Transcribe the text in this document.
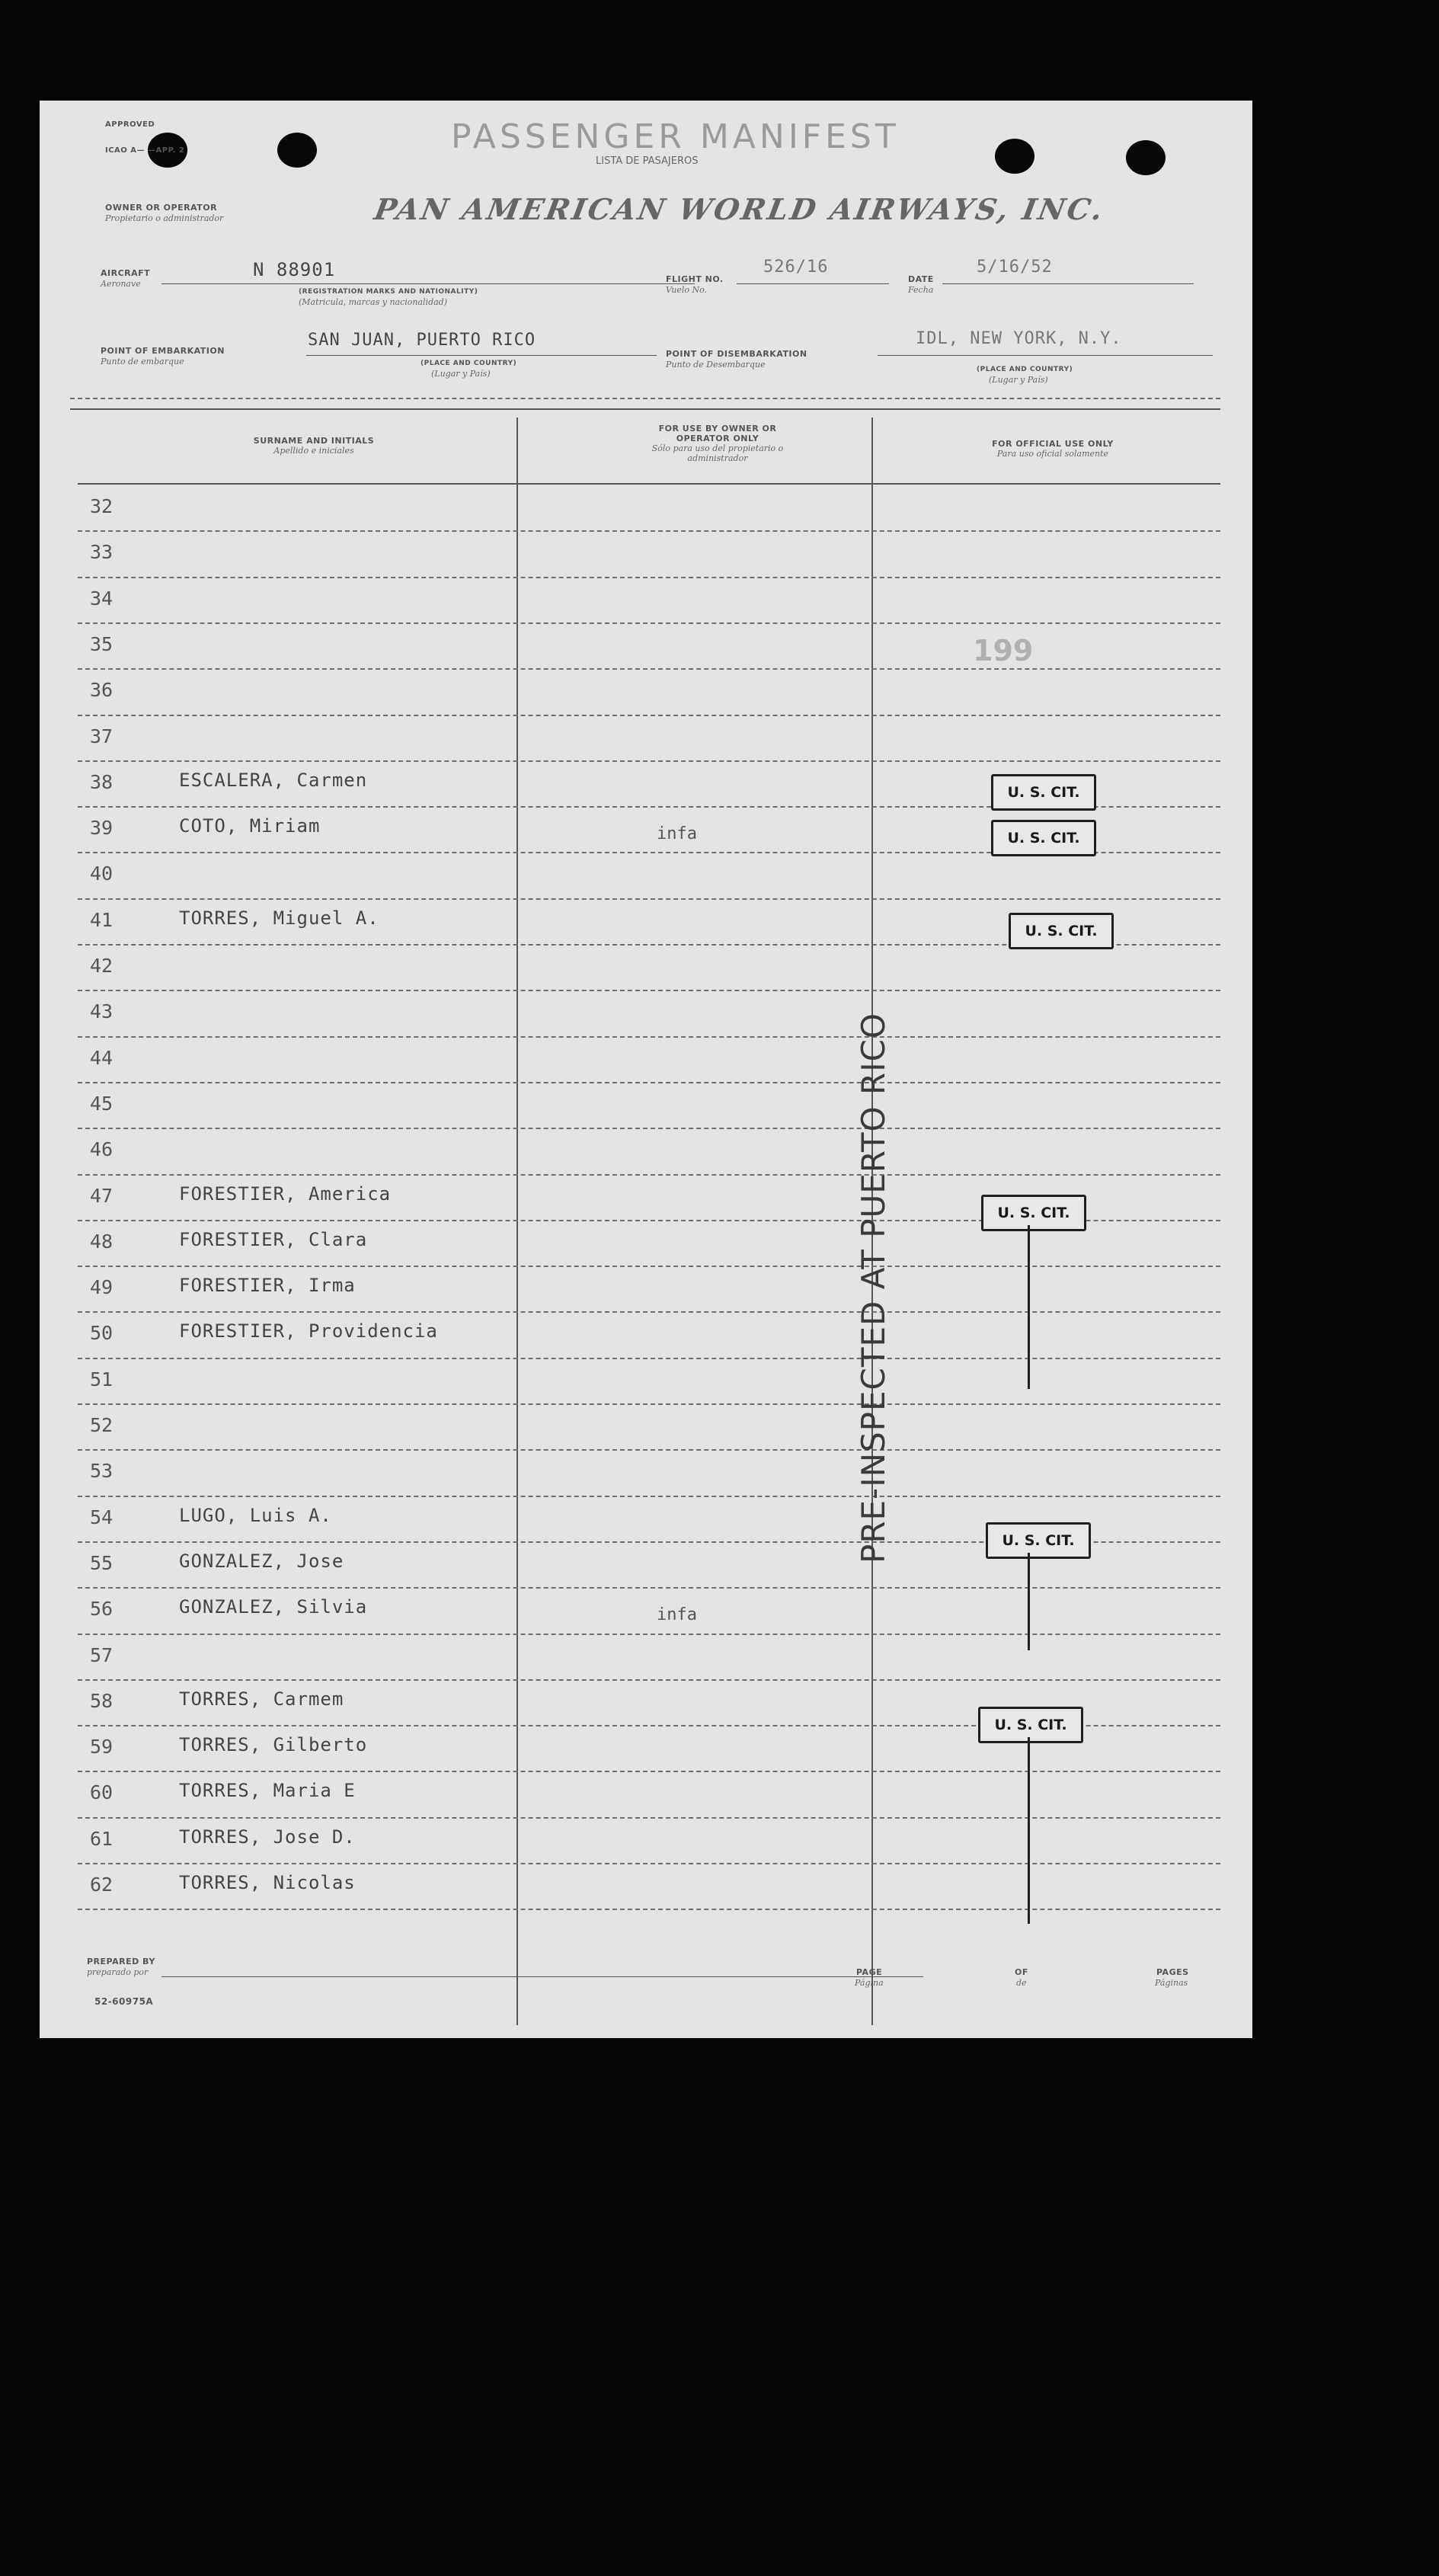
APPROVED
ICAO A— —APP. 2	PASSENGER MANIFEST
LISTA DE PASAJEROS
OWNER OR OPERATOR
Propietario o administrador	PAN AMERICAN WORLD AIRWAYS, INC.
AIRCRAFT
Aeronave
N 88901
(REGISTRATION MARKS AND NATIONALITY)
(Matricula, marcas y nacionalidad)
FLIGHT NO.
Vuelo No.
526/16
DATE
Fecha
5/16/52
POINT OF EMBARKATION
Punto de embarque
SAN JUAN, PUERTO RICO
(PLACE AND COUNTRY)
(Lugar y País)
POINT OF DISEMBARKATION
Punto de Desembarque
IDL, NEW YORK, N.Y.
(PLACE AND COUNTRY)
(Lugar y País)
SURNAME AND INITIALS
Apellido e iniciales
FOR USE BY OWNER OR OPERATOR ONLY
Sólo para uso del propietario o administrador
FOR OFFICIAL USE ONLY
Para uso oficial solamente
32
33
34
35
36
37
38	ESCALERA, Carmen
39	COTO, Miriam	infa
40
41	TORRES, Miguel A.
42
43
44
45
46
47	FORESTIER, America
48	FORESTIER, Clara
49	FORESTIER, Irma
50	FORESTIER, Providencia
51
52
53
54	LUGO, Luis A.
55	GONZALEZ, Jose
56	GONZALEZ, Silvia	infa
57
58	TORRES, Carmem
59	TORRES, Gilberto
60	TORRES, Maria E
61	TORRES, Jose D.
62	TORRES, Nicolas
199
U. S. CIT.
U. S. CIT.
U. S. CIT.
U. S. CIT.
U. S. CIT.
U. S. CIT.
PRE-INSPECTED AT PUERTO RICO
PREPARED BY
preparado por	PAGE
Página
OF
de
PAGES
Páginas
52-60975A
